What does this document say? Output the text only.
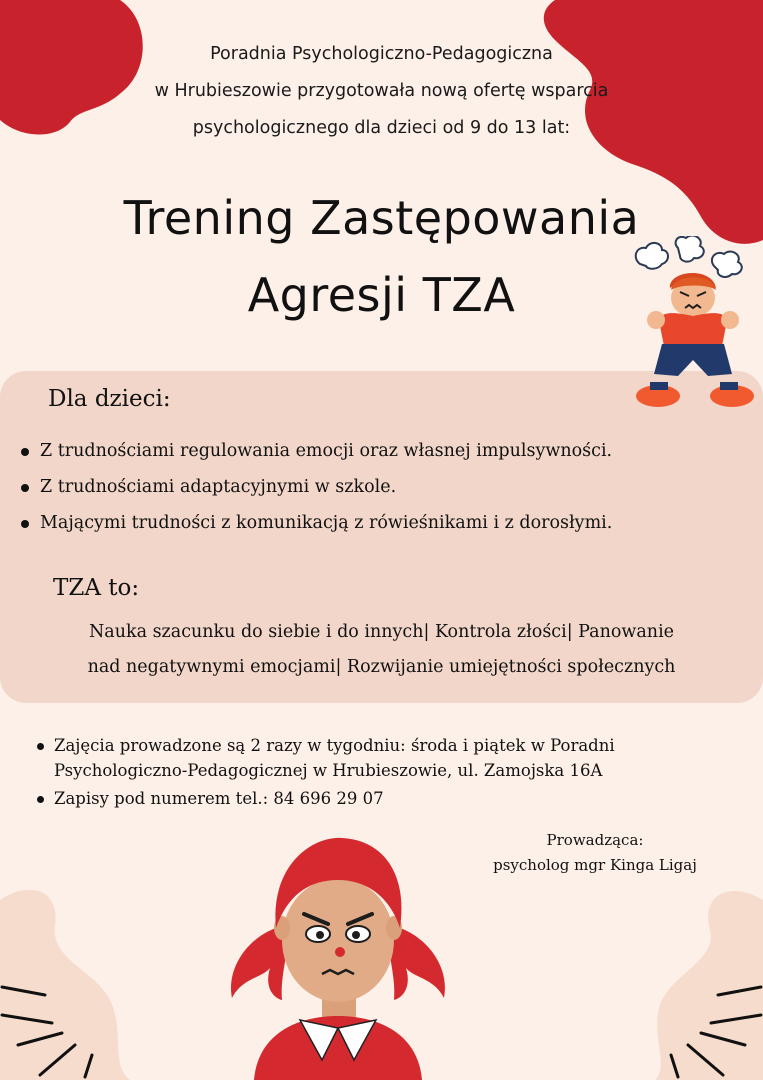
Poradnia Psychologiczno-Pedagogiczna
w Hrubieszowie przygotowała nową ofertę wsparcia
psychologicznego dla dzieci od 9 do 13 lat:
Trening Zastępowania
Agresji TZA
Dla dzieci:
Z trudnościami regulowania emocji oraz własnej impulsywności.
Z trudnościami adaptacyjnymi w szkole.
Mającymi trudności z komunikacją z rówieśnikami i z dorosłymi.
TZA to:
Nauka szacunku do siebie i do innych| Kontrola złości| Panowanie
nad negatywnymi emocjami| Rozwijanie umiejętności społecznych
Zajęcia prowadzone są 2 razy w tygodniu: środa i piątek w Poradni
Psychologiczno-Pedagogicznej w Hrubieszowie, ul. Zamojska 16A
Zapisy pod numerem tel.: 84 696 29 07
Prowadząca:
psycholog mgr Kinga Ligaj
